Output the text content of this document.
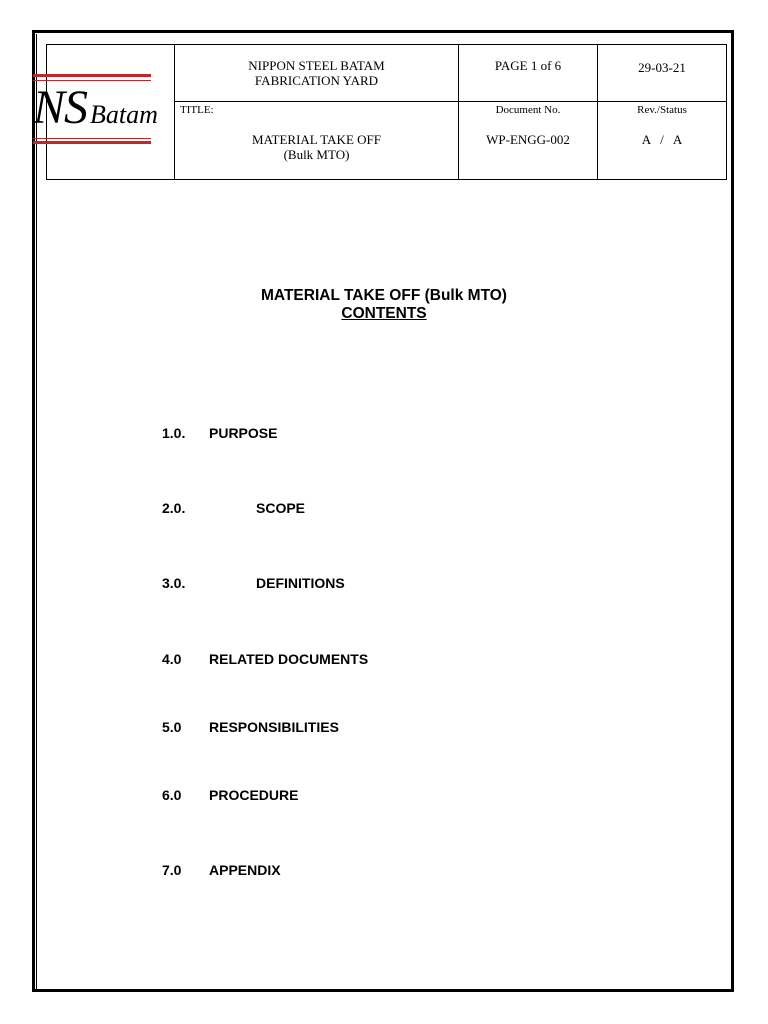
NS Batam
NIPPON STEEL BATAM
FABRICATION YARD
PAGE 1 of 6	29-03-21
TITLE:
MATERIAL TAKE OFF
(Bulk MTO)
Document No.
WP-ENGG-002
Rev./Status
A   /   A
MATERIAL TAKE OFF (Bulk MTO)
CONTENTS
1.0. PURPOSE
2.0.	SCOPE
3.0.	DEFINITIONS
4.0 RELATED DOCUMENTS
5.0 RESPONSIBILITIES
6.0 PROCEDURE
7.0 APPENDIX
